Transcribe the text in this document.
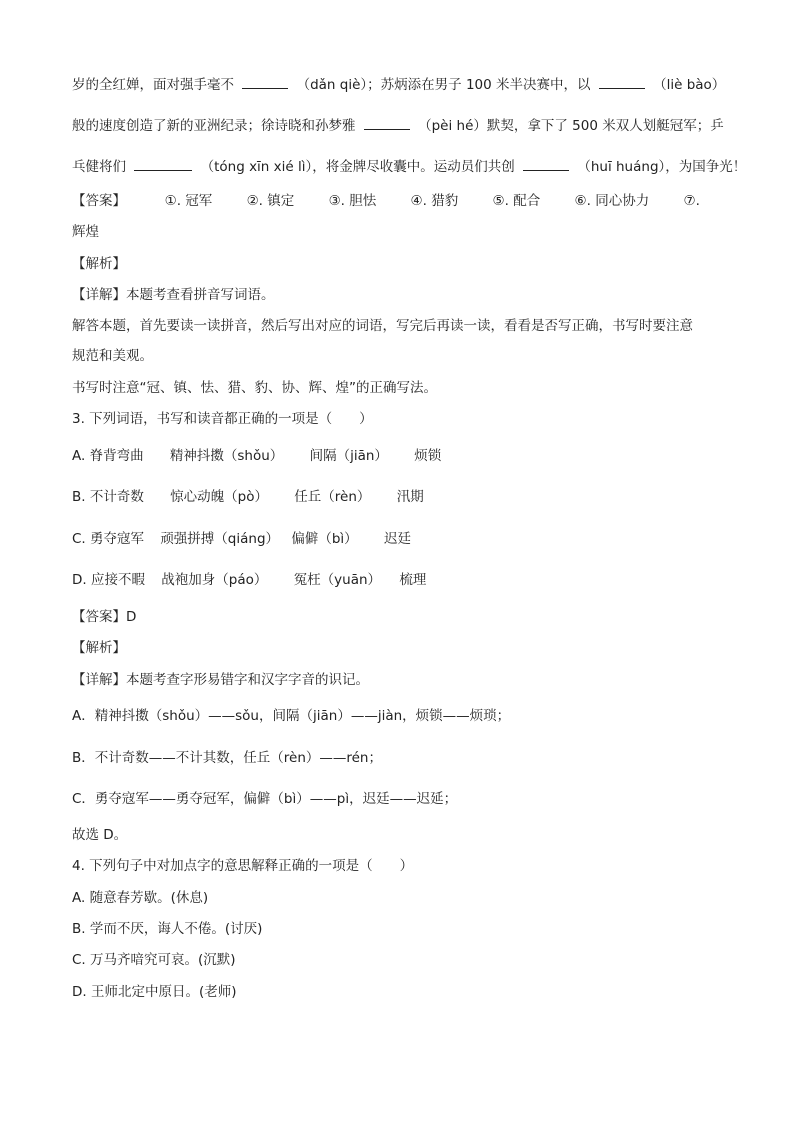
岁的全红婵，面对强手毫不	（dǎn qiè）；苏炳添在男子 100 米半决赛中，以	（liè bào）
般的速度创造了新的亚洲纪录；徐诗晓和孙梦雅	（pèi hé）默契，拿下了 500 米双人划艇冠军；乒
乓健将们	（tóng xīn xié lì），将金牌尽收囊中。运动员们共创	（huī huáng），为国争光！
【答案】	①. 冠军	②. 镇定	③. 胆怯	④. 猎豹	⑤. 配合	⑥. 同心协力	⑦.
辉煌
【解析】
【详解】本题考查看拼音写词语。
解答本题，首先要读一读拼音，然后写出对应的词语，写完后再读一读，看看是否写正确，书写时要注意
规范和美观。
书写时注意“冠、镇、怯、猎、豹、协、辉、煌”的正确写法。
3. 下列词语，书写和读音都正确的一项是（　　）
A. 脊背弯曲 精神抖擞（shǒu） 间隔（jiān） 烦锁
B. 不计奇数 惊心动魄（pò） 任丘（rèn） 汛期
C. 勇夺寇军 顽强拼搏（qiáng） 偏僻（bì） 迟廷
D. 应接不暇 战袍加身（páo） 冤枉（yuān） 梳理
【答案】D
【解析】
【详解】本题考查字形易错字和汉字字音的识记。
A．精神抖擞（shǒu）——sǒu，间隔（jiān）——jiàn，烦锁——烦琐；
B．不计奇数——不计其数，任丘（rèn）——rén；
C．勇夺寇军——勇夺冠军，偏僻（bì）——pì，迟廷——迟延；
故选 D。
4. 下列句子中对加点字的意思解释正确的一项是（　　）
A. 随意春芳歇。(休息)
B. 学而不厌，诲人不倦。(讨厌)
C. 万马齐喑究可哀。(沉默)
D. 王师北定中原日。(老师)
